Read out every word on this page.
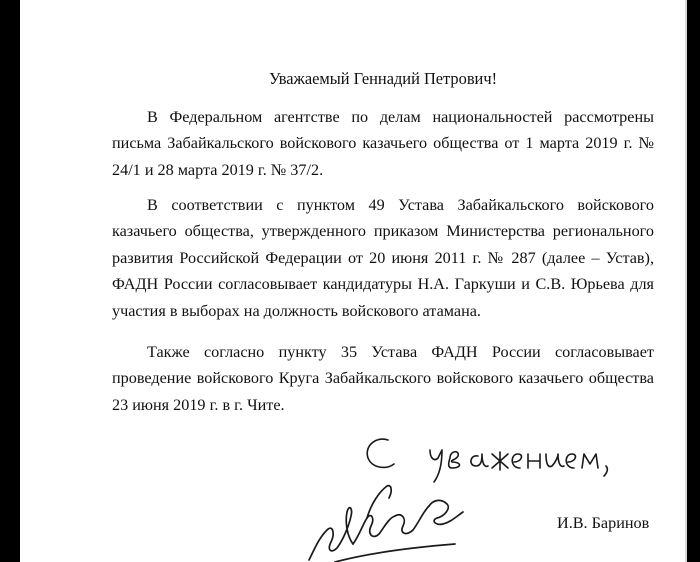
Уважаемый Геннадий Петрович!

В Федеральном агентстве по делам национальностей рассмотрены письма Забайкальского войскового казачьего общества от 1 марта 2019 г. № 24/1 и 28 марта 2019 г. № 37/2.

В соответствии с пунктом 49 Устава Забайкальского войскового казачьего общества, утвержденного приказом Министерства регионального развития Российской Федерации от 20 июня 2011 г. № 287 (далее – Устав), ФАДН России согласовывает кандидатуры Н.А. Гаркуши и С.В. Юрьева для участия в выборах на должность войскового атамана.

Также согласно пункту 35 Устава ФАДН России согласовывает проведение войскового Круга Забайкальского войскового казачьего общества 23 июня 2019 г. в г. Чите.

И.В. Баринов
